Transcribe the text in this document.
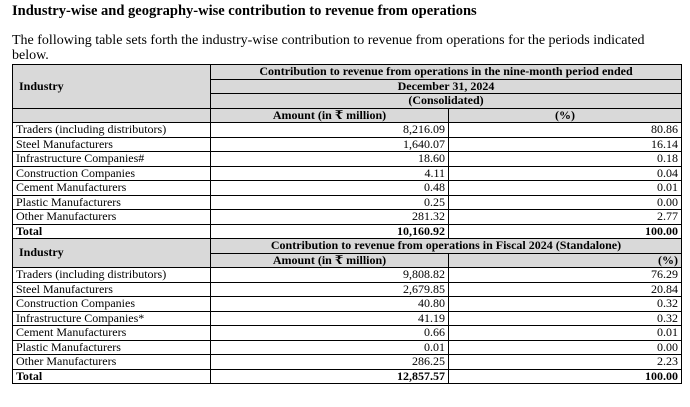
Industry-wise and geography-wise contribution to revenue from operations
The following table sets forth the industry-wise contribution to revenue from operations for the periods indicated
below.
Industry	Contribution to revenue from operations in the nine-month period ended	
	December 31, 2024	
	(Consolidated)	
	Amount (in ₹ million)	(%)
Traders (including distributors)	8,216.09	80.86
Steel Manufacturers	1,640.07	16.14
Infrastructure Companies#	18.60	0.18
Construction Companies	4.11	0.04
Cement Manufacturers	0.48	0.01
Plastic Manufacturers	0.25	0.00
Other Manufacturers	281.32	2.77
Total	10,160.92	100.00
Industry	Contribution to revenue from operations in Fiscal 2024 (Standalone)	
	Amount (in ₹ million)	(%)
Traders (including distributors)	9,808.82	76.29
Steel Manufacturers	2,679.85	20.84
Construction Companies	40.80	0.32
Infrastructure Companies*	41.19	0.32
Cement Manufacturers	0.66	0.01
Plastic Manufacturers	0.01	0.00
Other Manufacturers	286.25	2.23
Total	12,857.57	100.00
